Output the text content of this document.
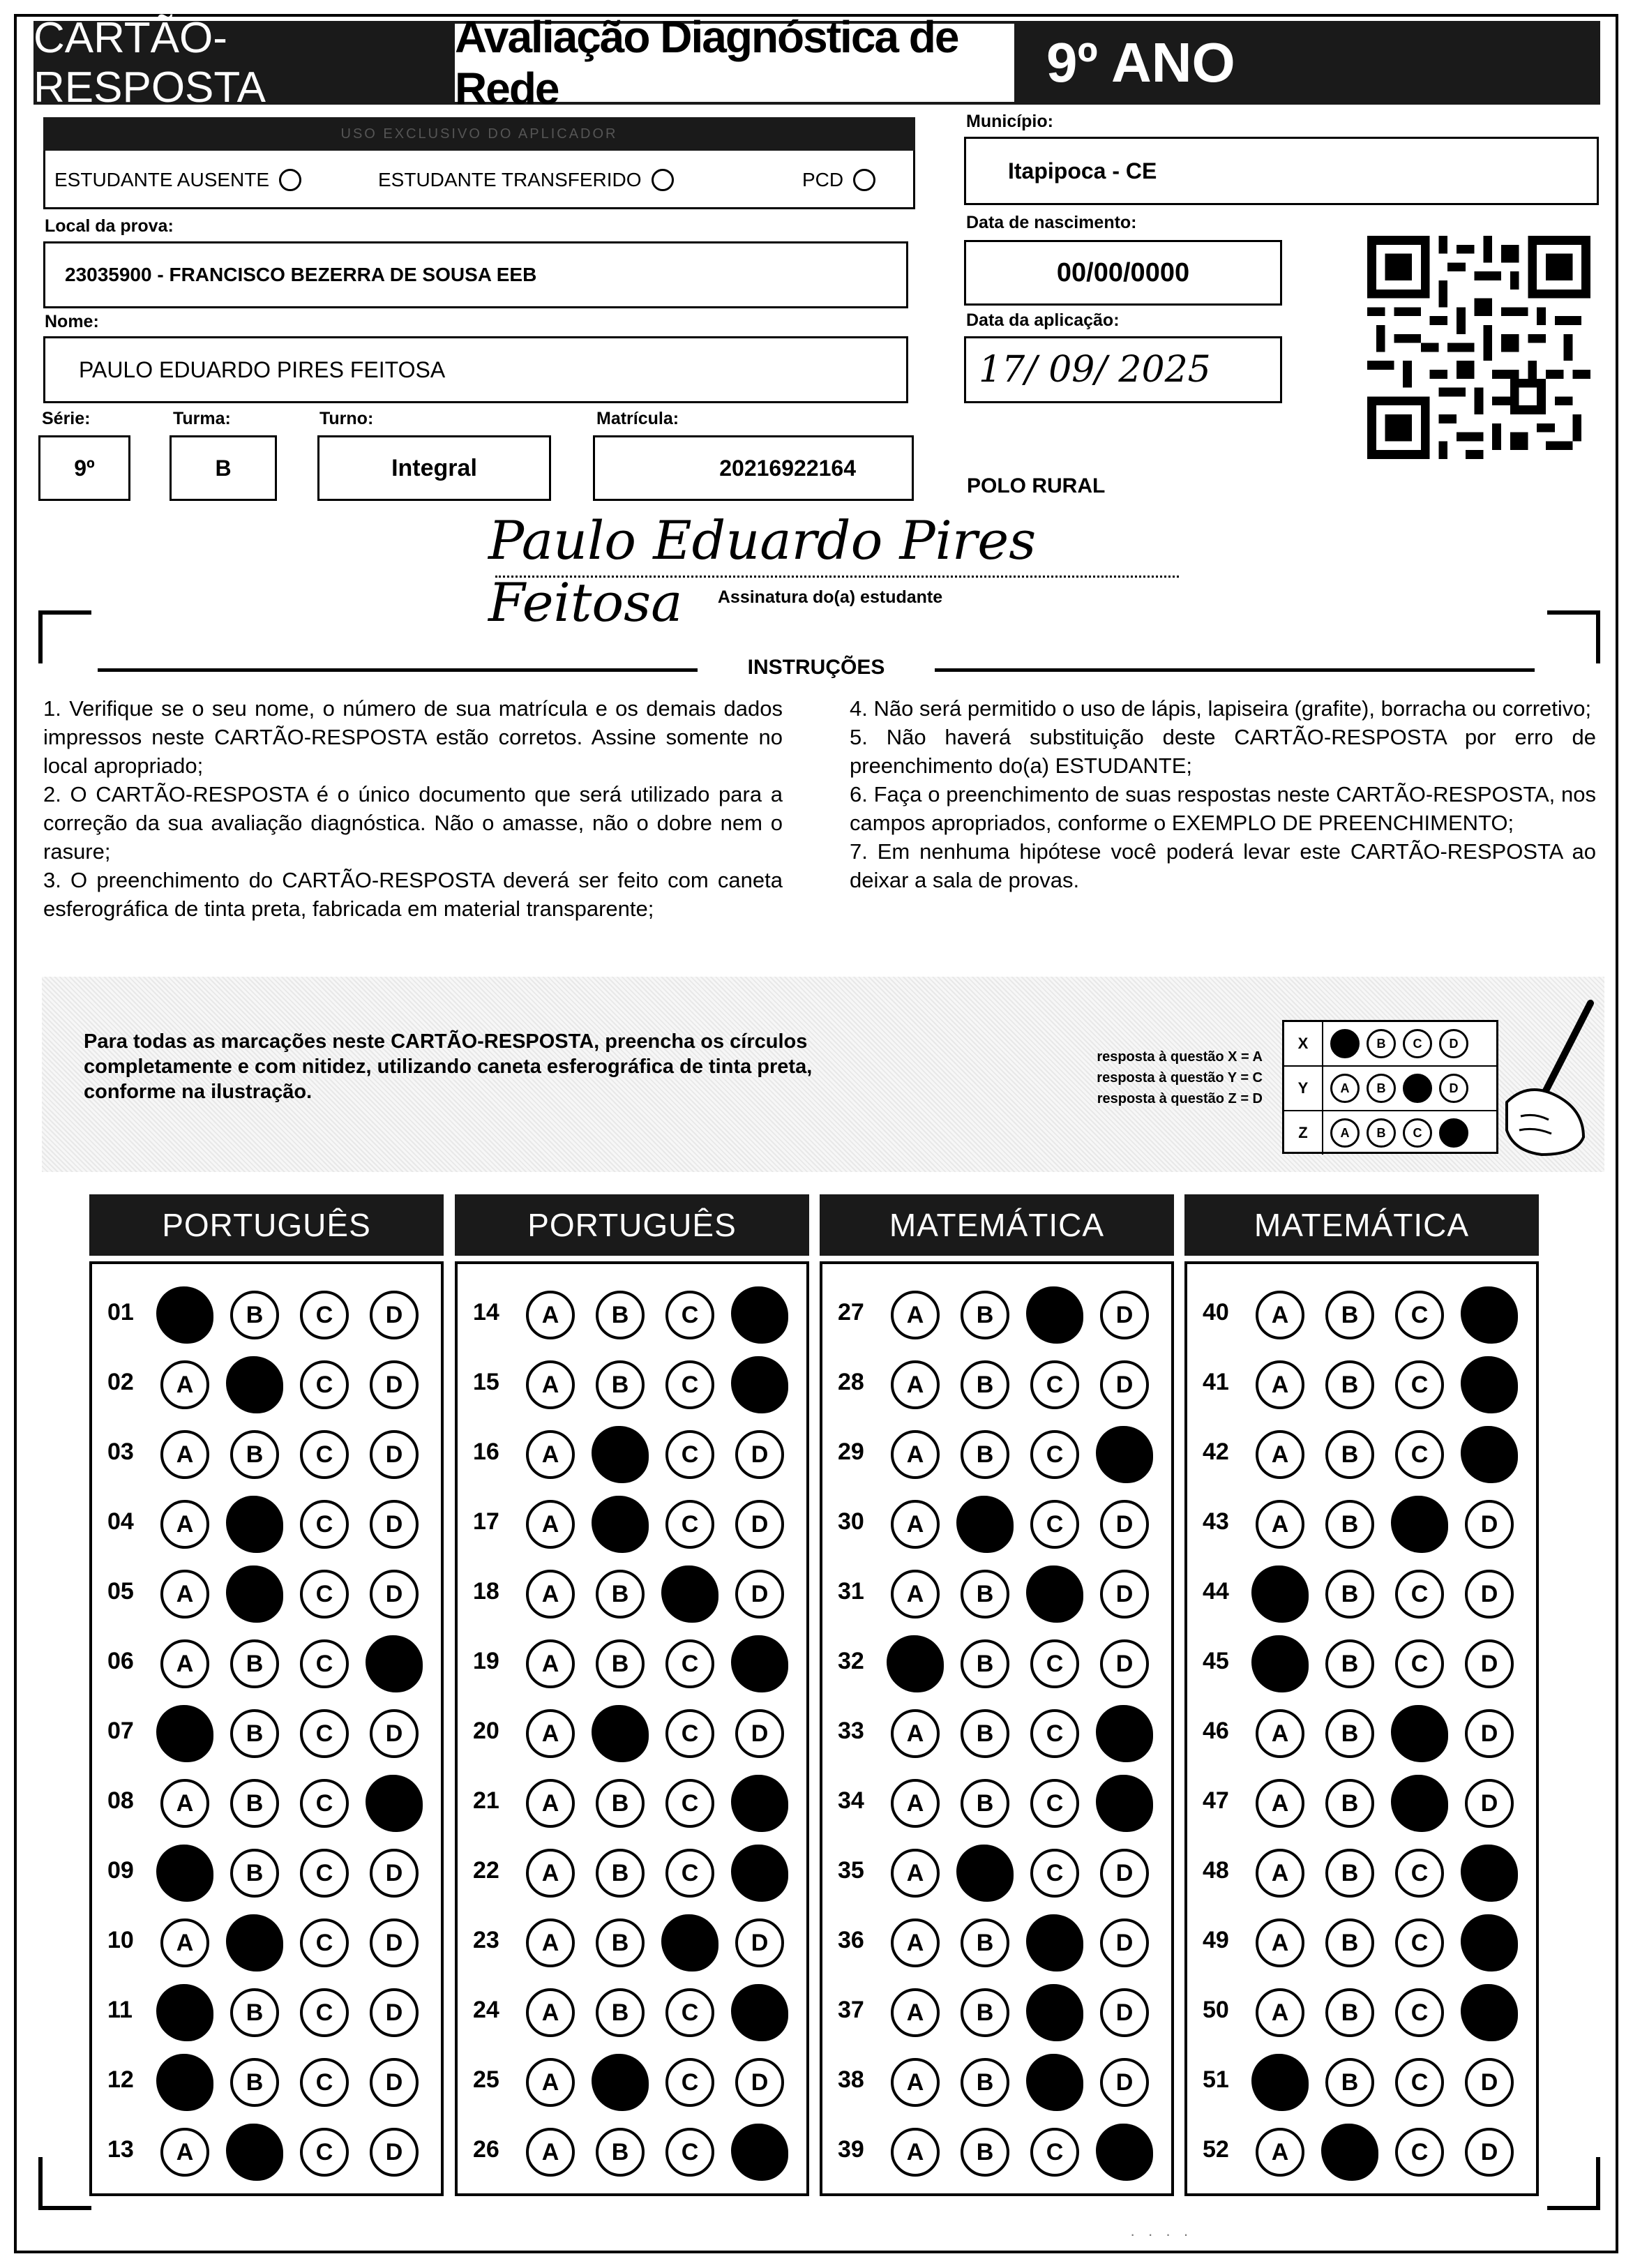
CARTÃO-RESPOSTA
Avaliação Diagnóstica de Rede	9º ANO
USO EXCLUSIVO DO APLICADOR
ESTUDANTE AUSENTE	ESTUDANTE TRANSFERIDO	PCD
Município:
Itapipoca - CE
Local da prova:
23035900 - FRANCISCO BEZERRA DE SOUSA EEB
Data de nascimento:
00/00/0000
Nome:
PAULO EDUARDO PIRES FEITOSA
Data da aplicação:
17/ 09/ 2025
Série:
9º
Turma:
B
Turno:
Integral
Matrícula:
20216922164
POLO RURAL
Paulo Eduardo Pires Feitosa	Assinatura do(a) estudante
INSTRUÇÕES

1. Verifique se o seu nome, o número de sua matrícula e os demais dados impressos neste CARTÃO-RESPOSTA estão corretos. Assine somente no local apropriado;

2. O CARTÃO-RESPOSTA é o único documento que será utilizado para a correção da sua avaliação diagnóstica. Não o amasse, não o dobre nem o rasure;

3. O preenchimento do CARTÃO-RESPOSTA deverá ser feito com caneta esferográfica de tinta preta, fabricada em material transparente;

4. Não será permitido o uso de lápis, lapiseira (grafite), borracha ou corretivo;

5. Não haverá substituição deste CARTÃO-RESPOSTA por erro de preenchimento do(a) ESTUDANTE;

6. Faça o preenchimento de suas respostas neste CARTÃO-RESPOSTA, nos campos apropriados, conforme o EXEMPLO DE PREENCHIMENTO;

7. Em nenhuma hipótese você poderá levar este CARTÃO-RESPOSTA ao deixar a sala de provas.

Para todas as marcações neste CARTÃO-RESPOSTA, preencha os círculos completamente e com nitidez, utilizando caneta esferográfica de tinta preta, conforme na ilustração.
resposta à questão X = A
resposta à questão Y = C
resposta à questão Z = D
X	A	B	C	D
Y	A	B	C	D
Z	A	B	C	D
PORTUGUÊS
01	A	B	C	D
02	A	B	C	D
03	A	B	C	D
04	A	B	C	D
05	A	B	C	D
06	A	B	C	D
07	A	B	C	D
08	A	B	C	D
09	A	B	C	D
10	A	B	C	D
11	A	B	C	D
12	A	B	C	D
13	A	B	C	D
PORTUGUÊS
14	A	B	C	D
15	A	B	C	D
16	A	B	C	D
17	A	B	C	D
18	A	B	C	D
19	A	B	C	D
20	A	B	C	D
21	A	B	C	D
22	A	B	C	D
23	A	B	C	D
24	A	B	C	D
25	A	B	C	D
26	A	B	C	D
MATEMÁTICA
27	A	B	C	D
28	A	B	C	D
29	A	B	C	D
30	A	B	C	D
31	A	B	C	D
32	A	B	C	D
33	A	B	C	D
34	A	B	C	D
35	A	B	C	D
36	A	B	C	D
37	A	B	C	D
38	A	B	C	D
39	A	B	C	D
MATEMÁTICA
40	A	B	C	D
41	A	B	C	D
42	A	B	C	D
43	A	B	C	D
44	A	B	C	D
45	A	B	C	D
46	A	B	C	D
47	A	B	C	D
48	A	B	C	D
49	A	B	C	D
50	A	B	C	D
51	A	B	C	D
52	A	B	C	D
· · · ·
